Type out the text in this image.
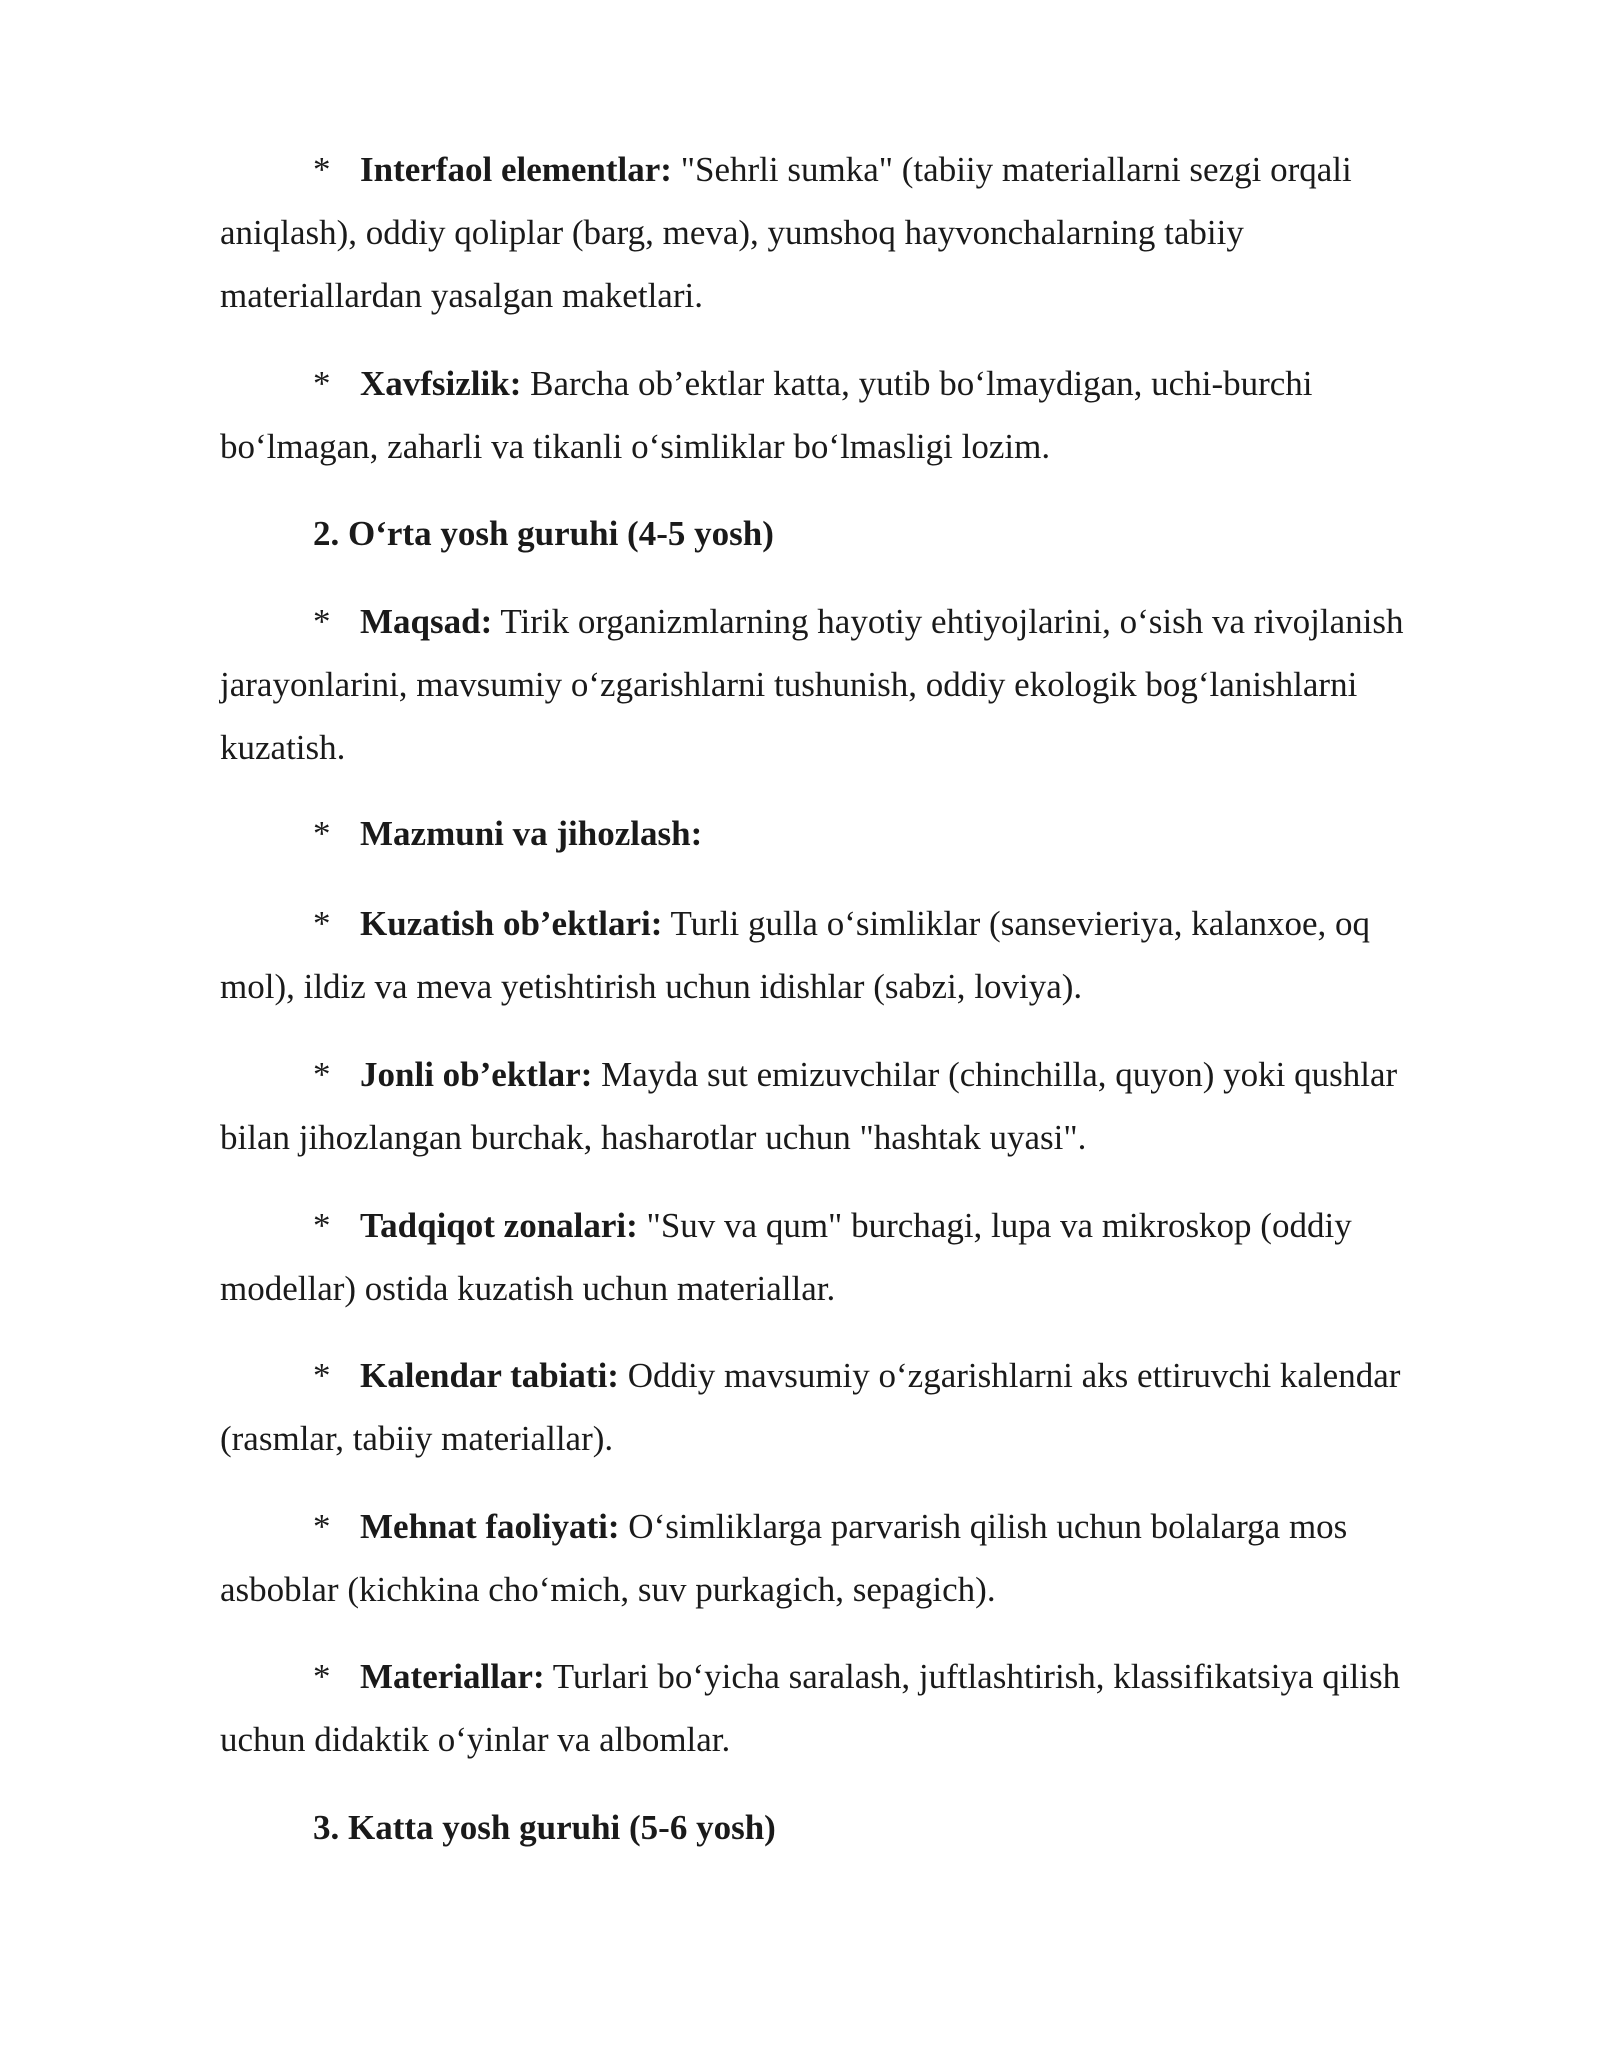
* Interfaol elementlar: "Sehrli sumka" (tabiiy materiallarni sezgi orqali aniqlash), oddiy qoliplar (barg, meva), yumshoq hayvonchalarning tabiiy materiallardan yasalgan maketlari.

* Xavfsizlik: Barcha ob’ektlar katta, yutib bo‘lmaydigan, uchi-burchi bo‘lmagan, zaharli va tikanli o‘simliklar bo‘lmasligi lozim.

2. O‘rta yosh guruhi (4-5 yosh)

* Maqsad: Tirik organizmlarning hayotiy ehtiyojlarini, o‘sish va rivojlanish jarayonlarini, mavsumiy o‘zgarishlarni tushunish, oddiy ekologik bog‘lanishlarni kuzatish.

* Mazmuni va jihozlash:

* Kuzatish ob’ektlari: Turli gulla o‘simliklar (sansevieriya, kalanxoe, oq mol), ildiz va meva yetishtirish uchun idishlar (sabzi, loviya).

* Jonli ob’ektlar: Mayda sut emizuvchilar (chinchilla, quyon) yoki qushlar bilan jihozlangan burchak, hasharotlar uchun "hashtak uyasi".

* Tadqiqot zonalari: "Suv va qum" burchagi, lupa va mikroskop (oddiy modellar) ostida kuzatish uchun materiallar.

* Kalendar tabiati: Oddiy mavsumiy o‘zgarishlarni aks ettiruvchi kalendar (rasmlar, tabiiy materiallar).

* Mehnat faoliyati: O‘simliklarga parvarish qilish uchun bolalarga mos asboblar (kichkina cho‘mich, suv purkagich, sepagich).

* Materiallar: Turlari bo‘yicha saralash, juftlashtirish, klassifikatsiya qilish uchun didaktik o‘yinlar va albomlar.

3. Katta yosh guruhi (5-6 yosh)
